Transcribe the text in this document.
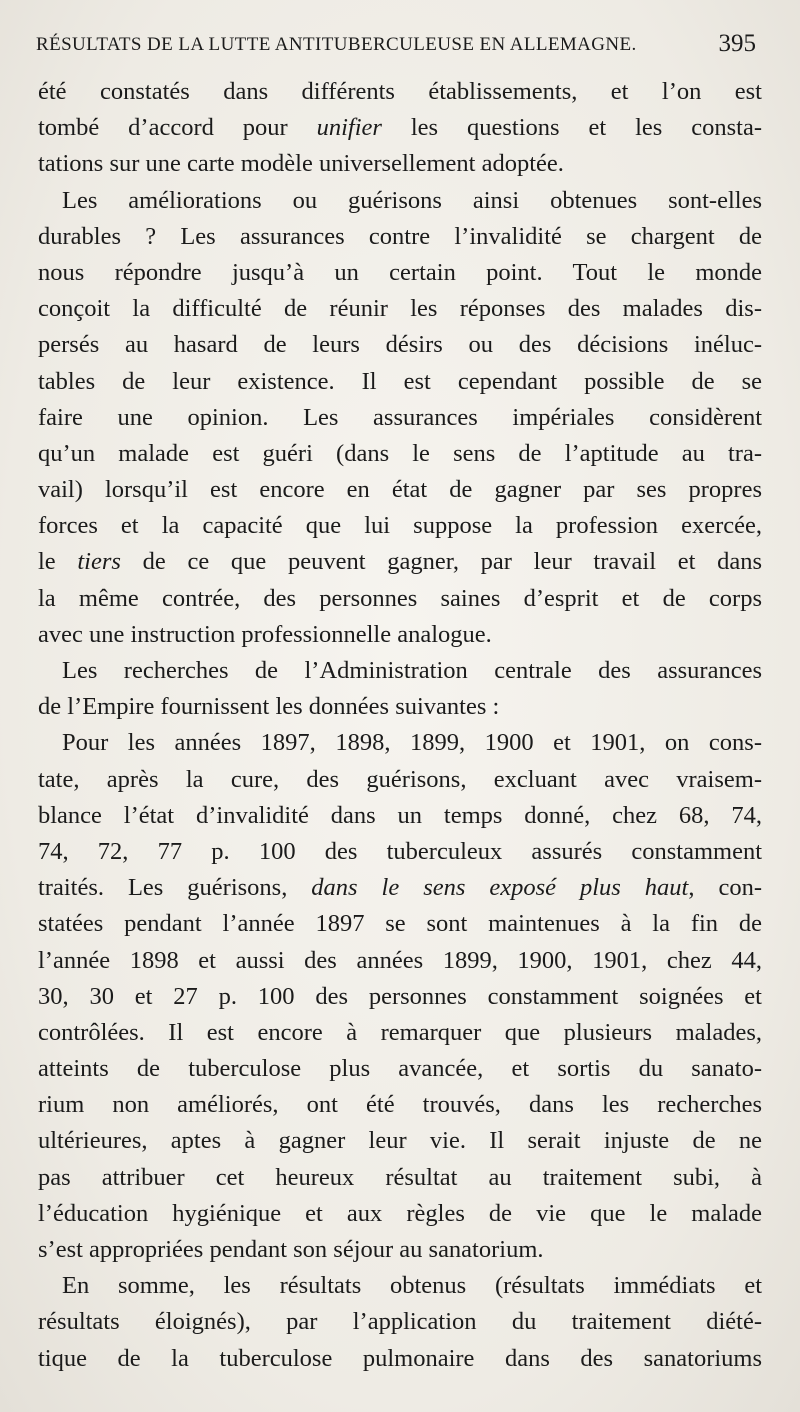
RÉSULTATS DE LA LUTTE ANTITUBERCULEUSE EN ALLEMAGNE.	395
été constatés dans différents établissements, et l’on est
tombé d’accord pour unifier les questions et les consta-
tations sur une carte modèle universellement adoptée.
Les améliorations ou guérisons ainsi obtenues sont-elles
durables ? Les assurances contre l’invalidité se chargent de
nous répondre jusqu’à un certain point. Tout le monde
conçoit la difficulté de réunir les réponses des malades dis-
persés au hasard de leurs désirs ou des décisions inéluc-
tables de leur existence. Il est cependant possible de se
faire une opinion. Les assurances impériales considèrent
qu’un malade est guéri (dans le sens de l’aptitude au tra-
vail) lorsqu’il est encore en état de gagner par ses propres
forces et la capacité que lui suppose la profession exercée,
le tiers de ce que peuvent gagner, par leur travail et dans
la même contrée, des personnes saines d’esprit et de corps
avec une instruction professionnelle analogue.
Les recherches de l’Administration centrale des assurances
de l’Empire fournissent les données suivantes :
Pour les années 1897, 1898, 1899, 1900 et 1901, on cons-
tate, après la cure, des guérisons, excluant avec vraisem-
blance l’état d’invalidité dans un temps donné, chez 68, 74,
74, 72, 77 p. 100 des tuberculeux assurés constamment
traités. Les guérisons, dans le sens exposé plus haut, con-
statées pendant l’année 1897 se sont maintenues à la fin de
l’année 1898 et aussi des années 1899, 1900, 1901, chez 44,
30, 30 et 27 p. 100 des personnes constamment soignées et
contrôlées. Il est encore à remarquer que plusieurs malades,
atteints de tuberculose plus avancée, et sortis du sanato-
rium non améliorés, ont été trouvés, dans les recherches
ultérieures, aptes à gagner leur vie. Il serait injuste de ne
pas attribuer cet heureux résultat au traitement subi, à
l’éducation hygiénique et aux règles de vie que le malade
s’est appropriées pendant son séjour au sanatorium.
En somme, les résultats obtenus (résultats immédiats et
résultats éloignés), par l’application du traitement diété-
tique de la tuberculose pulmonaire dans des sanatoriums
